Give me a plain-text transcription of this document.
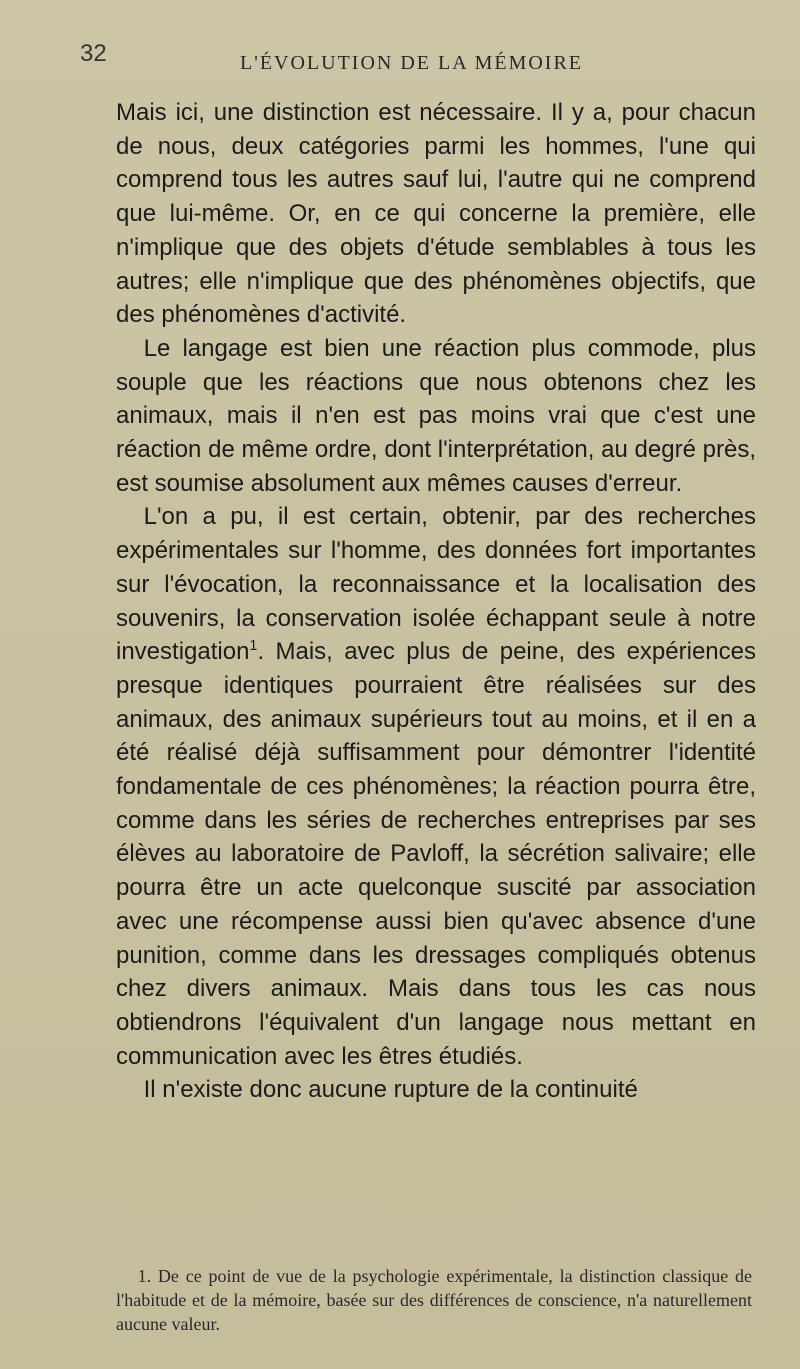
32	L'ÉVOLUTION DE LA MÉMOIRE

Mais ici, une distinction est nécessaire. Il y a, pour chacun de nous, deux catégories parmi les hommes, l'une qui comprend tous les autres sauf lui, l'autre qui ne comprend que lui-même. Or, en ce qui concerne la première, elle n'implique que des objets d'étude semblables à tous les autres; elle n'implique que des phénomènes objectifs, que des phénomènes d'activité.

Le langage est bien une réaction plus commode, plus souple que les réactions que nous obtenons chez les animaux, mais il n'en est pas moins vrai que c'est une réaction de même ordre, dont l'interprétation, au degré près, est soumise absolument aux mêmes causes d'erreur.

L'on a pu, il est certain, obtenir, par des recherches expérimentales sur l'homme, des données fort importantes sur l'évocation, la reconnaissance et la localisation des souvenirs, la conservation isolée échappant seule à notre investigation$^1$. Mais, avec plus de peine, des expériences presque identiques pourraient être réalisées sur des animaux, des animaux supérieurs tout au moins, et il en a été réalisé déjà suffisamment pour démontrer l'identité fondamentale de ces phénomènes; la réaction pourra être, comme dans les séries de recherches entreprises par ses élèves au laboratoire de Pavloff, la sécrétion salivaire; elle pourra être un acte quelconque suscité par association avec une récompense aussi bien qu'avec absence d'une punition, comme dans les dressages compliqués obtenus chez divers animaux. Mais dans tous les cas nous obtiendrons l'équivalent d'un langage nous mettant en communication avec les êtres étudiés.

Il n'existe donc aucune rupture de la continuité

1. De ce point de vue de la psychologie expérimentale, la distinction classique de l'habitude et de la mémoire, basée sur des différences de conscience, n'a naturellement aucune valeur.
